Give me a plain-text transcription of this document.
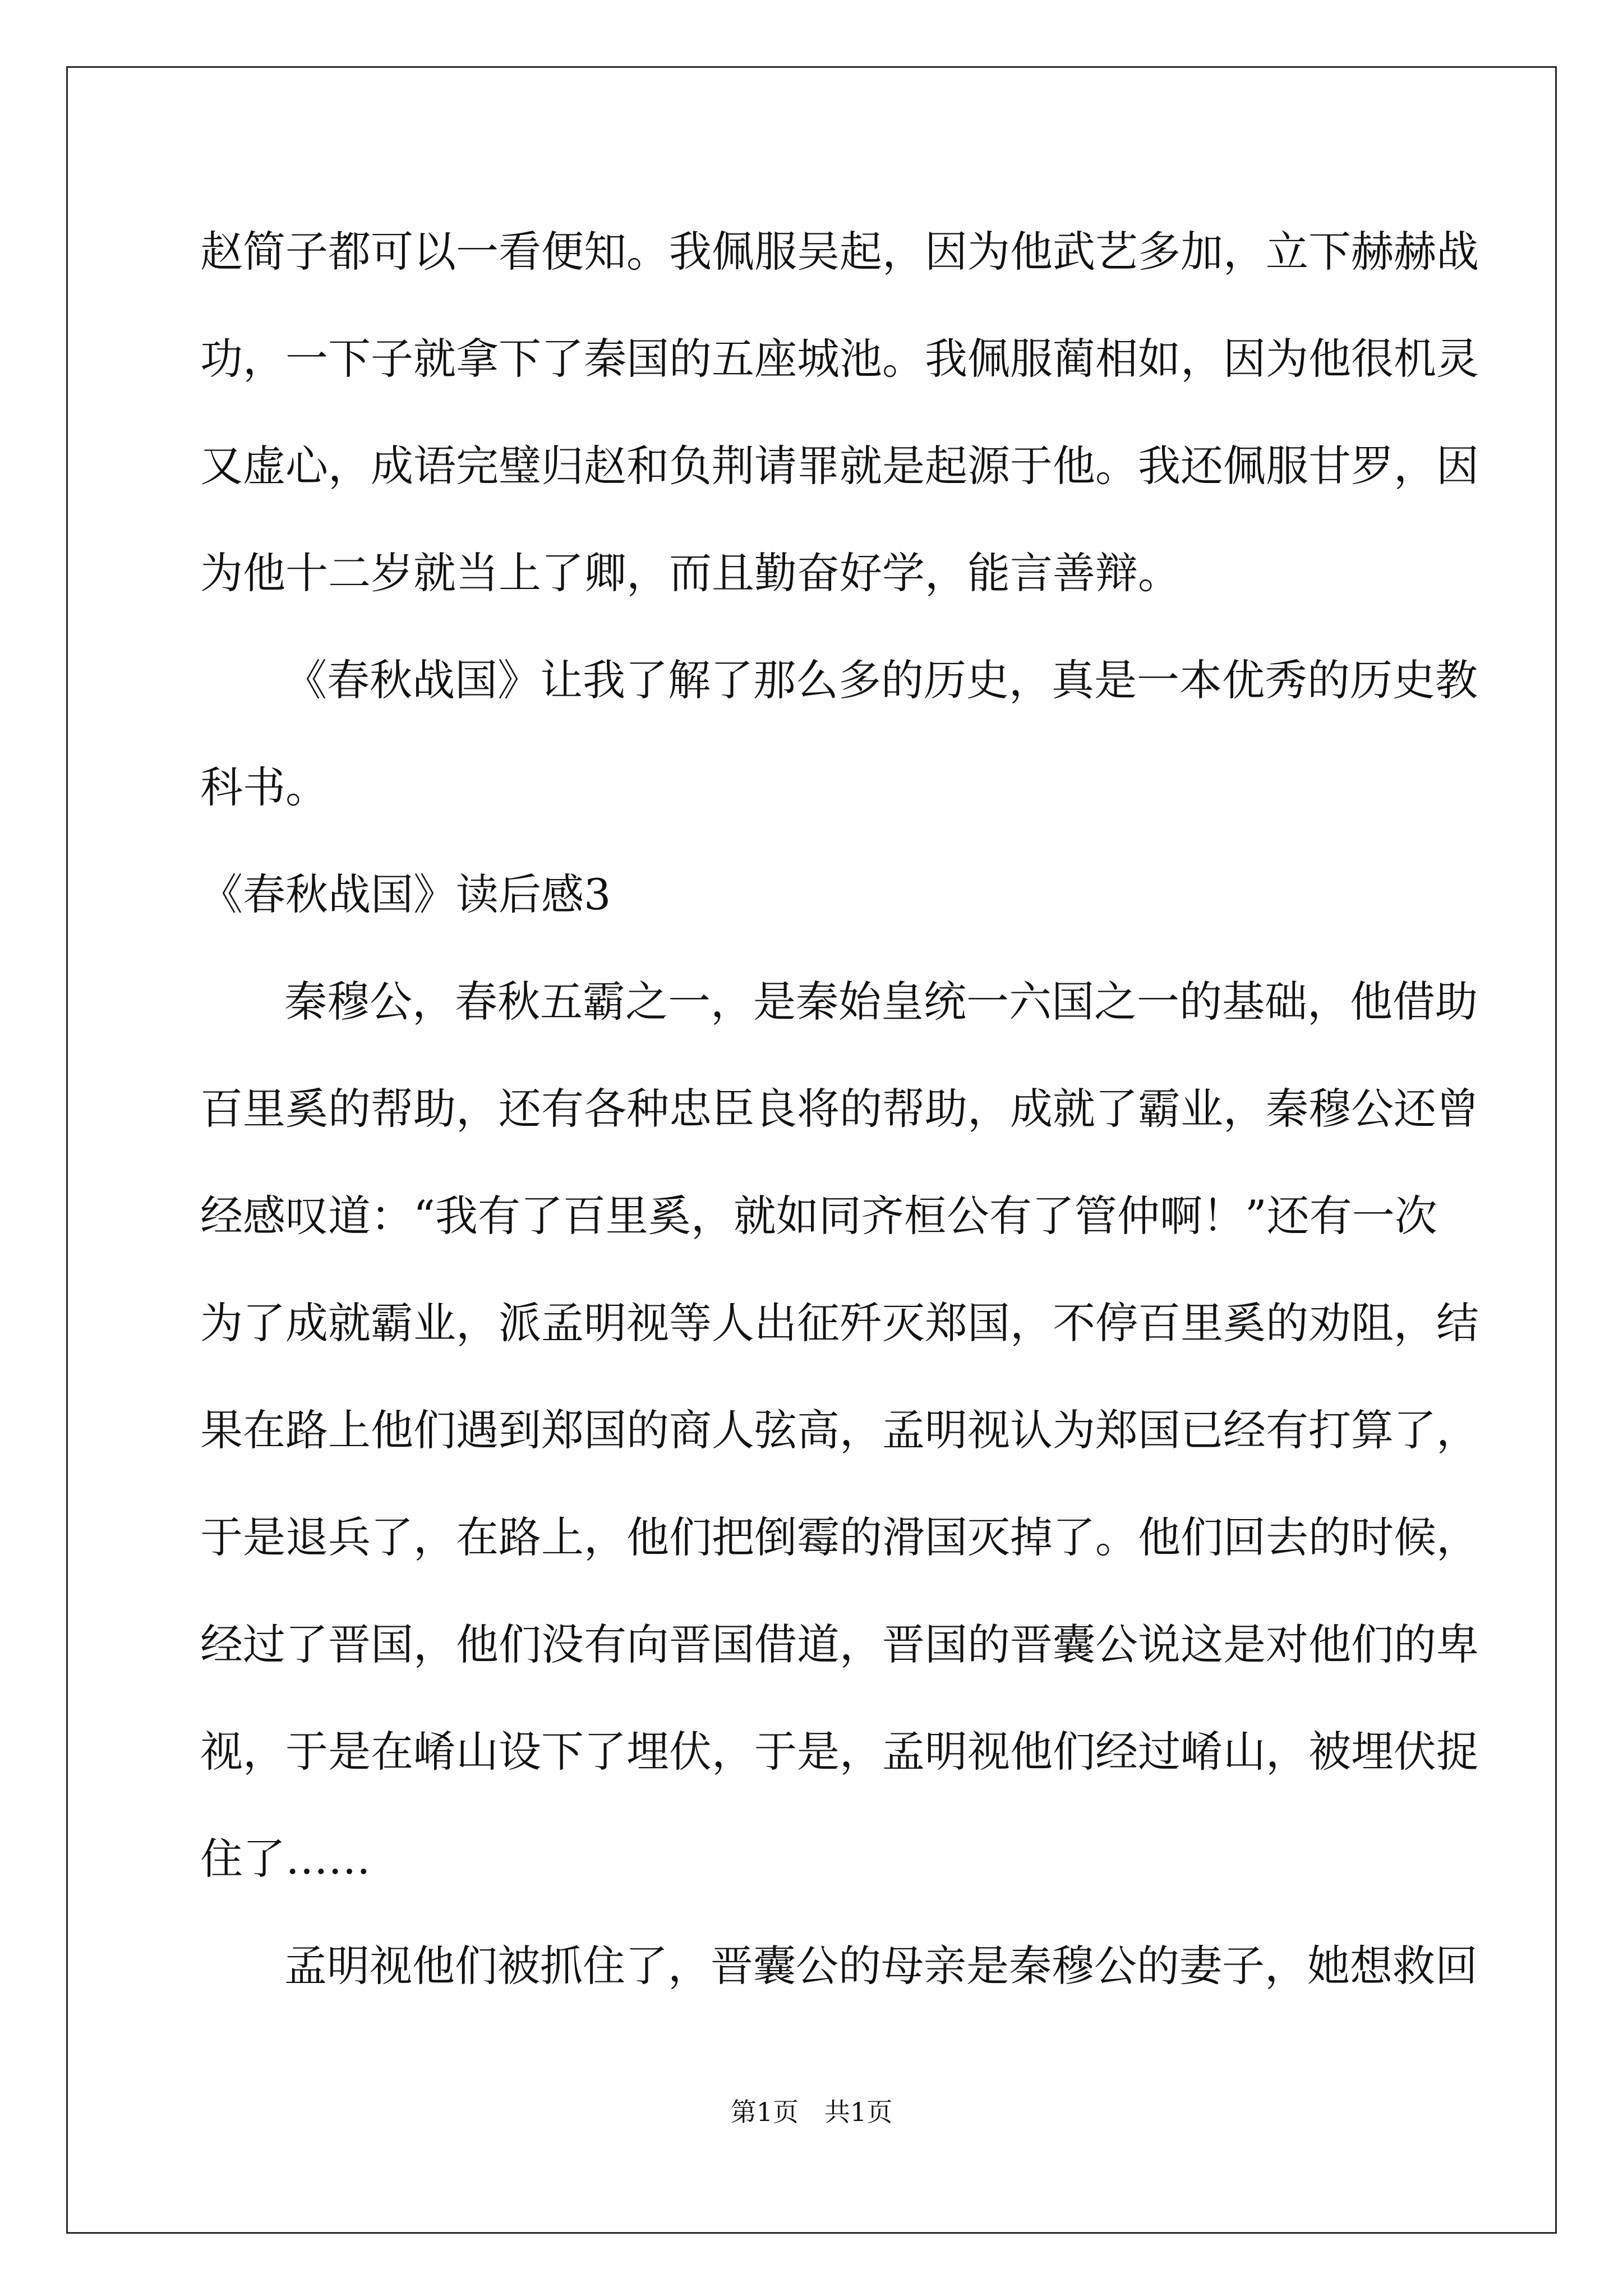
赵简子都可以一看便知。我佩服吴起，因为他武艺多加，立下赫赫战
功，一下子就拿下了秦国的五座城池。我佩服蔺相如，因为他很机灵
又虚心，成语完璧归赵和负荆请罪就是起源于他。我还佩服甘罗，因
为他十二岁就当上了卿，而且勤奋好学，能言善辩。
《春秋战国》让我了解了那么多的历史，真是一本优秀的历史教
科书。
《春秋战国》读后感3
秦穆公，春秋五霸之一，是秦始皇统一六国之一的基础，他借助
百里奚的帮助，还有各种忠臣良将的帮助，成就了霸业，秦穆公还曾
经感叹道：“我有了百里奚，就如同齐桓公有了管仲啊！”还有一次
为了成就霸业，派孟明视等人出征歼灭郑国，不停百里奚的劝阻，结
果在路上他们遇到郑国的商人弦高，孟明视认为郑国已经有打算了，
于是退兵了，在路上，他们把倒霉的滑国灭掉了。他们回去的时候，
经过了晋国，他们没有向晋国借道，晋国的晋囊公说这是对他们的卑
视，于是在崤山设下了埋伏，于是，孟明视他们经过崤山，被埋伏捉
住了……
孟明视他们被抓住了，晋囊公的母亲是秦穆公的妻子，她想救回
第1页　共1页
